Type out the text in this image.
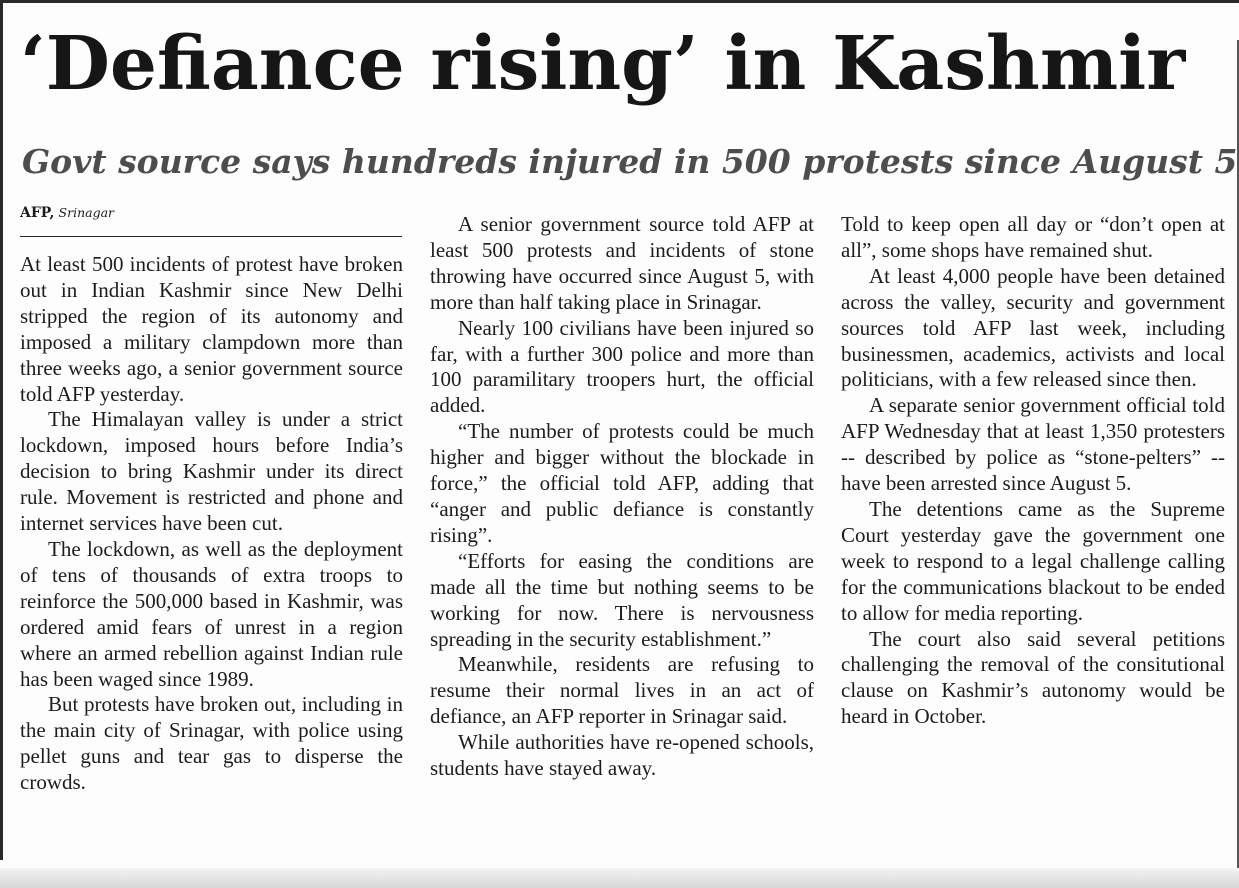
‘Defiance rising’ in Kashmir
Govt source says hundreds injured in 500 protests since August 5
AFP, Srinagar

At least 500 incidents of protest have broken out in Indian Kashmir since New Delhi stripped the region of its autonomy and imposed a military clampdown more than three weeks ago, a senior government source told AFP yesterday.

The Himalayan valley is under a strict lockdown, imposed hours before India’s decision to bring Kashmir under its direct rule. Movement is restricted and phone and internet services have been cut.

The lockdown, as well as the deployment of tens of thousands of extra troops to reinforce the 500,000 based in Kashmir, was ordered amid fears of unrest in a region where an armed rebellion against Indian rule has been waged since 1989.

But protests have broken out, including in the main city of Srinagar, with police using pellet guns and tear gas to disperse the crowds.

A senior government source told AFP at least 500 protests and incidents of stone throwing have occurred since August 5, with more than half taking place in Srinagar.

Nearly 100 civilians have been injured so far, with a further 300 police and more than 100 paramilitary troopers hurt, the official added.

“The number of protests could be much higher and bigger without the blockade in force,” the official told AFP, adding that “anger and public defiance is constantly rising”.

“Efforts for easing the conditions are made all the time but nothing seems to be working for now. There is nervousness spreading in the security establishment.”

Meanwhile, residents are refusing to resume their normal lives in an act of defiance, an AFP reporter in Srinagar said.

While authorities have re-opened schools, students have stayed away.

Told to keep open all day or “don’t open at all”, some shops have remained shut.

At least 4,000 people have been detained across the valley, security and government sources told AFP last week, including businessmen, academics, activists and local politicians, with a few released since then.

A separate senior government official told AFP Wednesday that at least 1,350 protesters -- described by police as “stone-pelters” -- have been arrested since August 5.

The detentions came as the Supreme Court yesterday gave the government one week to respond to a legal challenge calling for the communications blackout to be ended to allow for media reporting.

The court also said several petitions challenging the removal of the consitutional clause on Kashmir’s autonomy would be heard in October.
